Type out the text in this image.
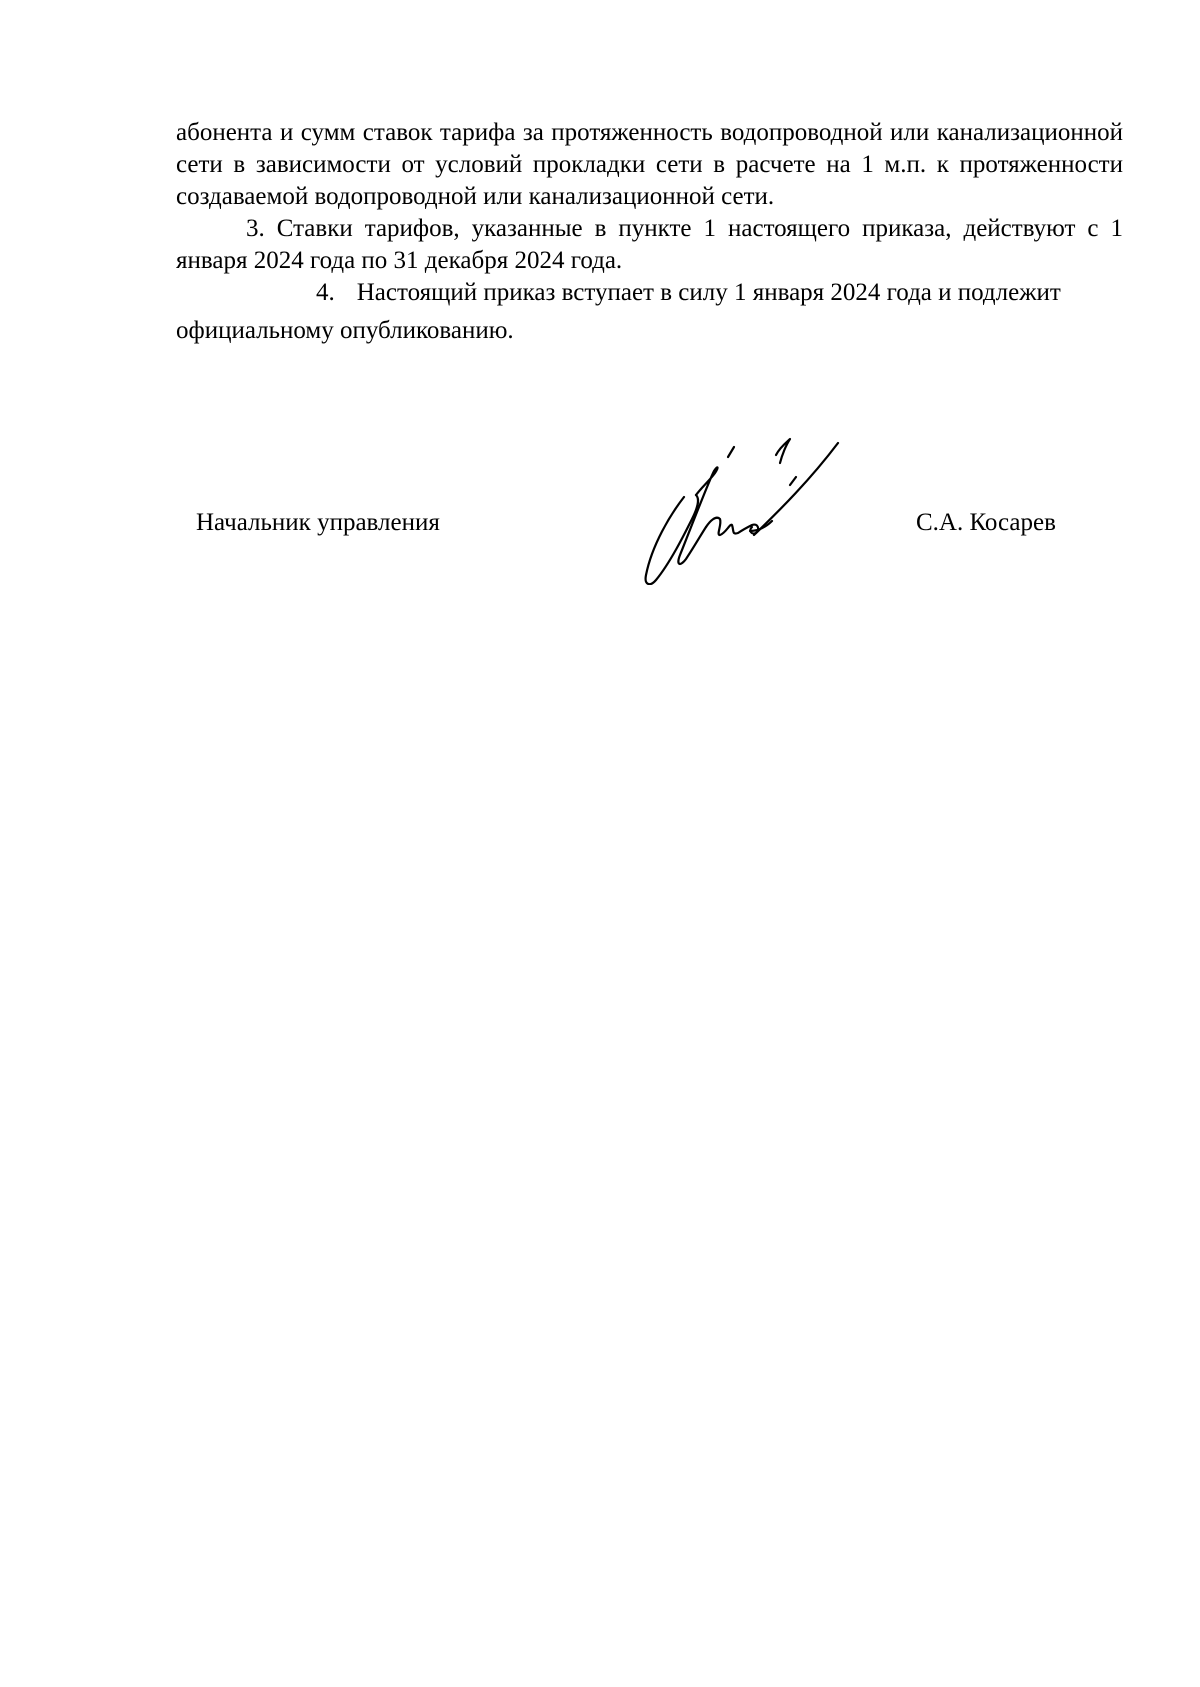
абонента и сумм ставок тарифа за протяженность водопроводной или канализационной сети в зависимости от условий прокладки сети в расчете на 1 м.п. к протяженности создаваемой водопроводной или канализационной сети.

3. Ставки тарифов, указанные в пункте 1 настоящего приказа, действуют с 1 января 2024 года по 31 декабря 2024 года.

4. Настоящий приказ вступает в силу 1 января 2024 года и подлежит
официальному опубликованию.

Начальник управления	С.А. Косарев
